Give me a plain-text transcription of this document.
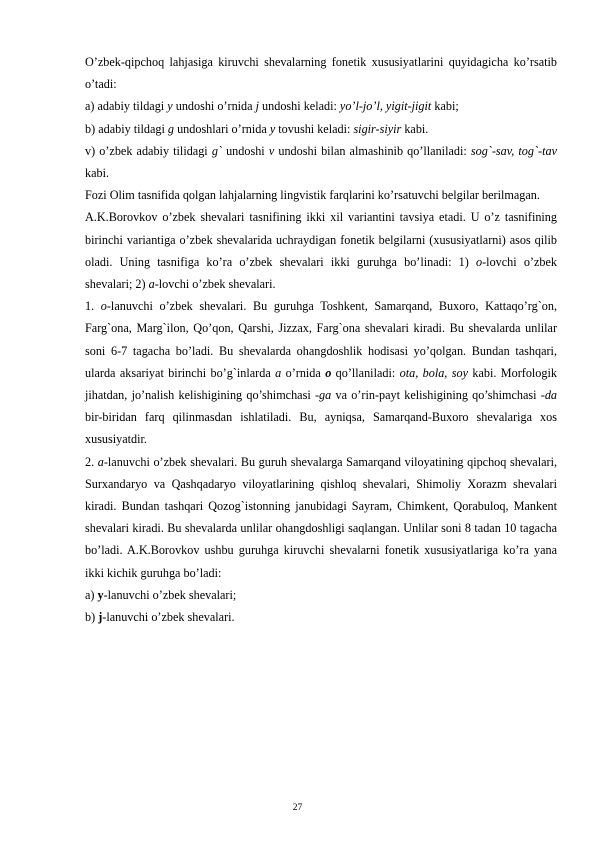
O’zbek-qipchoq lahjasiga kiruvchi shevalarning fonetik xususiyatlarini quyidagicha ko’rsatib o’tadi:

a) adabiy tildagi y undoshi o’rnida j undoshi keladi: yo’l-jo’l, yigit-jigit kabi;

b) adabiy tildagi g undoshlari o’rnida y tovushi keladi: sigir-siyir kabi.

v) o’zbek adabiy tilidagi g` undoshi v undoshi bilan almashinib qo’llaniladi: sog`-sav, tog`-tav kabi.

Fozi Olim tasnifida qolgan lahjalarning lingvistik farqlarini ko’rsatuvchi belgilar berilmagan.

A.K.Borovkov o’zbek shevalari tasnifining ikki xil variantini tavsiya etadi. U o’z tasnifining birinchi variantiga o’zbek shevalarida uchraydigan fonetik belgilarni (xususiyatlarni) asos qilib oladi. Uning tasnifiga ko’ra o’zbek shevalari ikki guruhga bo’linadi: 1) o-lovchi o’zbek shevalari; 2) a-lovchi o’zbek shevalari.

1. o-lanuvchi o’zbek shevalari. Bu guruhga Toshkent, Samarqand, Buxoro, Kattaqo’rg`on, Farg`ona, Marg`ilon, Qo’qon, Qarshi, Jizzax, Farg`ona shevalari kiradi. Bu shevalarda unlilar soni 6-7 tagacha bo’ladi. Bu shevalarda ohangdoshlik hodisasi yo’qolgan. Bundan tashqari, ularda aksariyat birinchi bo’g`inlarda a o’rnida o qo’llaniladi: ota, bola, soy kabi. Morfologik jihatdan, jo’nalish kelishigining qo’shimchasi -ga va o’rin-payt kelishigining qo’shimchasi -da bir-biridan farq qilinmasdan ishlatiladi. Bu, ayniqsa, Samarqand-Buxoro shevalariga xos xususiyatdir.

2. a-lanuvchi o’zbek shevalari. Bu guruh shevalarga Samarqand viloyatining qipchoq shevalari, Surxandaryo va Qashqadaryo viloyatlarining qishloq shevalari, Shimoliy Xorazm shevalari kiradi. Bundan tashqari Qozog`istonning janubidagi Sayram, Chimkent, Qorabuloq, Mankent shevalari kiradi. Bu shevalarda unlilar ohangdoshligi saqlangan. Unlilar soni 8 tadan 10 tagacha bo’ladi. A.K.Borovkov ushbu guruhga kiruvchi shevalarni fonetik xususiyatlariga ko’ra yana ikki kichik guruhga bo’ladi:

a) y-lanuvchi o’zbek shevalari;

b) j-lanuvchi o’zbek shevalari.

27
